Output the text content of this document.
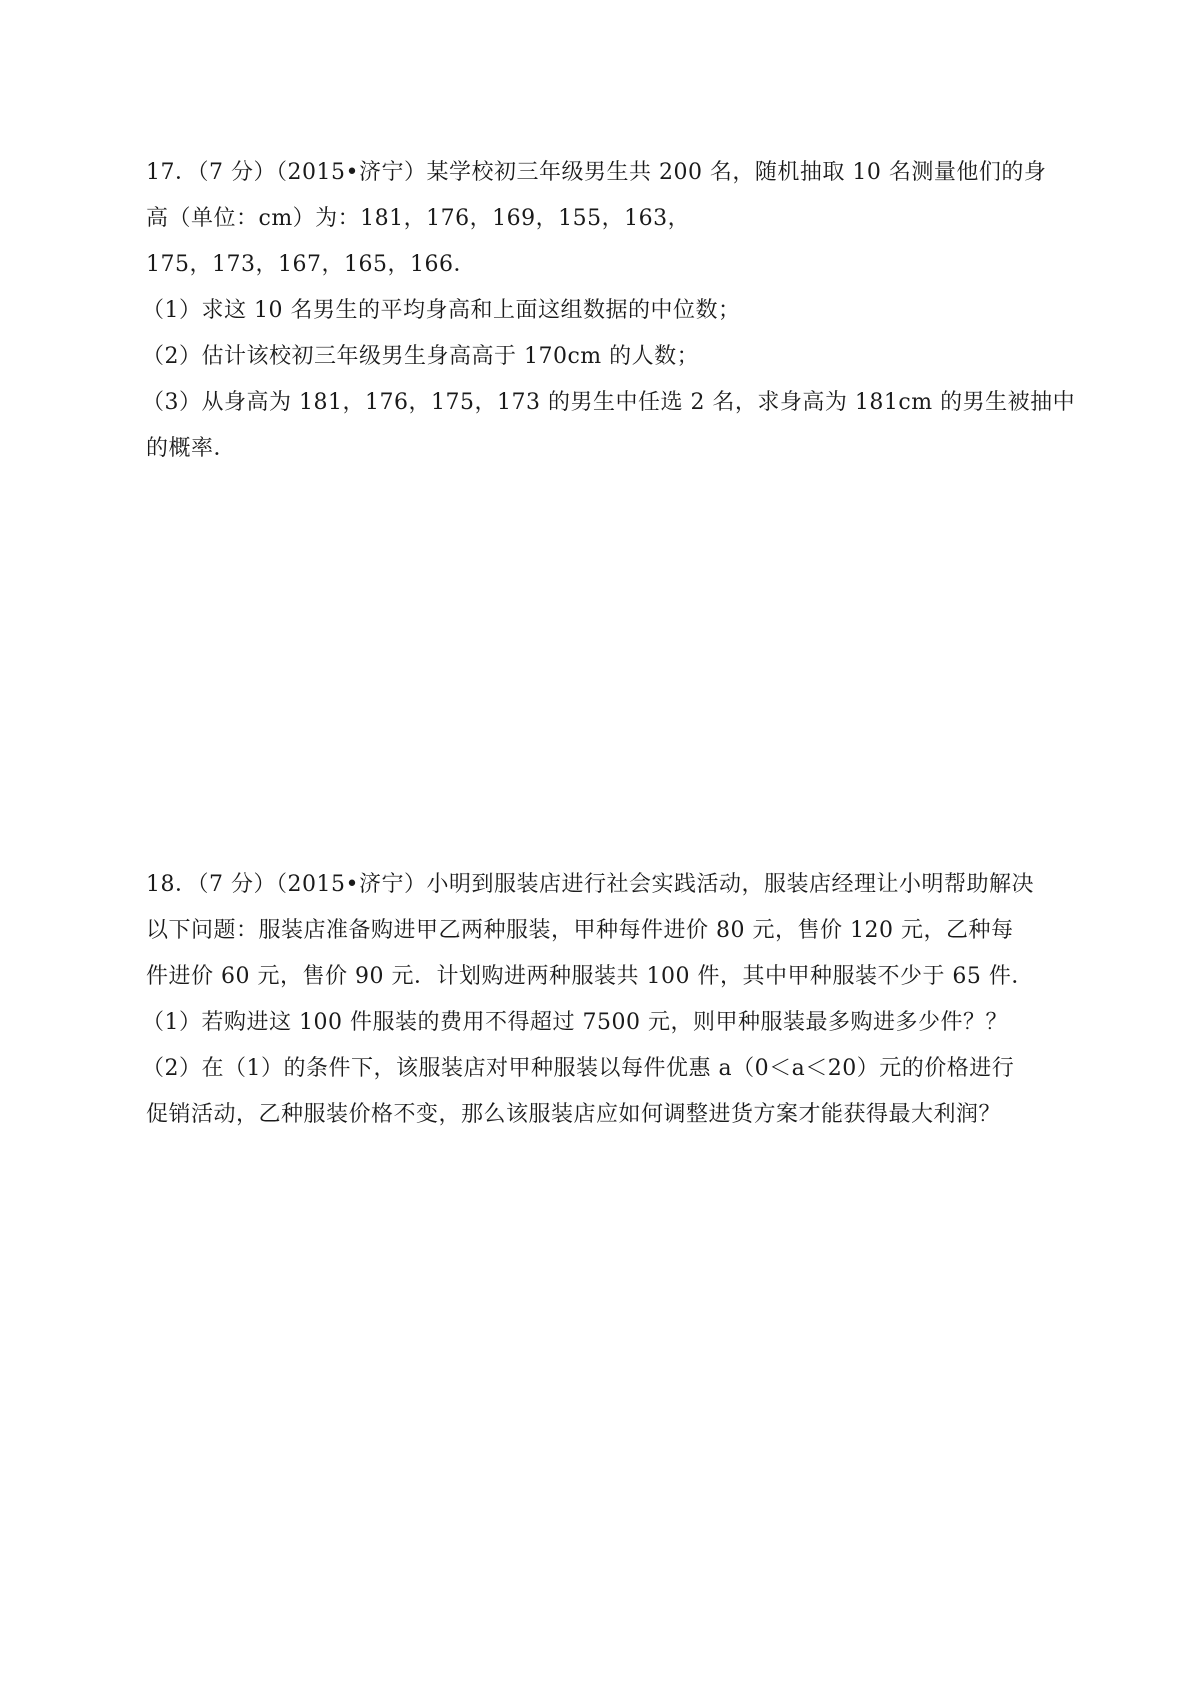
17．（7 分）（2015•济宁）某学校初三年级男生共 200 名，随机抽取 10 名测量他们的身
高（单位：cm）为：181，176，169，155，163，
175，173，167，165，166．
（1）求这 10 名男生的平均身高和上面这组数据的中位数；
（2）估计该校初三年级男生身高高于 170cm 的人数；
（3）从身高为 181，176，175，173 的男生中任选 2 名，求身高为 181cm 的男生被抽中
的概率．
18．（7 分）（2015•济宁）小明到服装店进行社会实践活动，服装店经理让小明帮助解决
以下问题：服装店准备购进甲乙两种服装，甲种每件进价 80 元，售价 120 元，乙种每
件进价 60 元，售价 90 元．计划购进两种服装共 100 件，其中甲种服装不少于 65 件．
（1）若购进这 100 件服装的费用不得超过 7500 元，则甲种服装最多购进多少件？？
（2）在（1）的条件下，该服装店对甲种服装以每件优惠 a（0＜a＜20）元的价格进行
促销活动，乙种服装价格不变，那么该服装店应如何调整进货方案才能获得最大利润？
